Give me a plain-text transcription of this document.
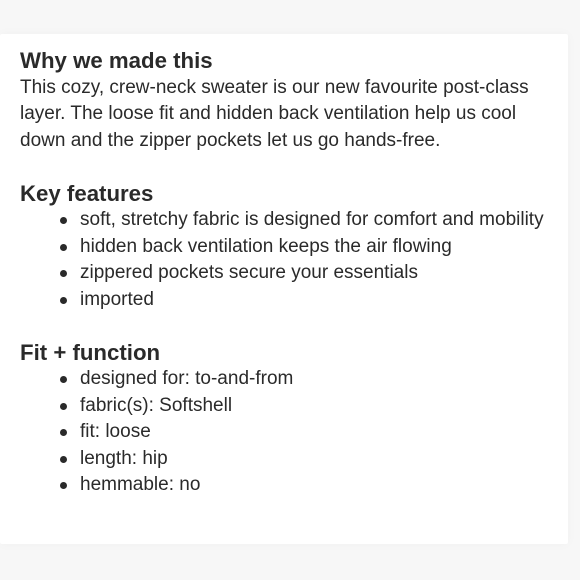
Why we made this

This cozy, crew-neck sweater is our new favourite post-class layer. The loose fit and hidden back ventilation help us cool down and the zipper pockets let us go hands-free.

Key features
soft, stretchy fabric is designed for comfort and mobility
hidden back ventilation keeps the air flowing
zippered pockets secure your essentials
imported
Fit + function
designed for: to-and-from
fabric(s): Softshell
fit: loose
length: hip
hemmable: no
